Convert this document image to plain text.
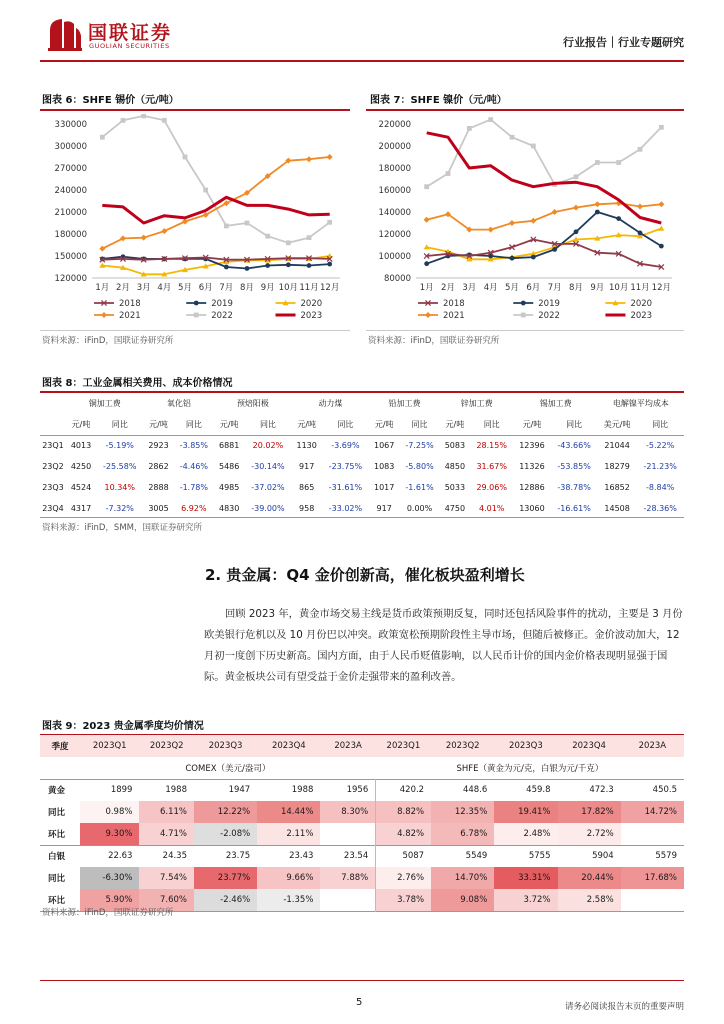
国联证券
GUOLIAN SECURITIES	行业报告｜行业专题研究
图表 6：SHFE 锡价（元/吨）
330000
300000
270000
240000
210000
180000
150000
120000
1月 2月 3月 4月 5月 6月 7月 8月 9月 10月 11月 12月
2018	2019	2020
2021	2022	2023
资料来源：iFinD，国联证券研究所
图表 7：SHFE 镍价（元/吨）
220000
200000
180000
160000
140000
120000
100000
80000
1月 2月 3月 4月 5月 6月 7月 8月 9月 10月 11月 12月
2018	2019	2020
2021	2022	2023
资料来源：iFinD，国联证券研究所
图表 8：工业金属相关费用、成本价格情况
	铜加工费		氧化铝		预焙阳极		动力煤		铅加工费		锌加工费		锡加工费		电解镍平均成本	
	元/吨	同比	元/吨	同比	元/吨	同比	元/吨	同比	元/吨	同比	元/吨	同比	元/吨	同比	美元/吨	同比
23Q1	4013	-5.19%	2923	-3.85%	6881	20.02%	1130	-3.69%	1067	-7.25%	5083	28.15%	12396	-43.66%	21044	-5.22%
23Q2	4250	-25.58%	2862	-4.46%	5486	-30.14%	917	-23.75%	1083	-5.80%	4850	31.67%	11326	-53.85%	18279	-21.23%
23Q3	4524	10.34%	2888	-1.78%	4985	-37.02%	865	-31.61%	1017	-1.61%	5033	29.06%	12886	-38.78%	16852	-8.84%
23Q4	4317	-7.32%	3005	6.92%	4830	-39.00%	958	-33.02%	917	0.00%	4750	4.01%	13060	-16.61%	14508	-28.36%
资料来源：iFinD，SMM，国联证券研究所
2. 贵金属：Q4 金价创新高，催化板块盈利增长
回顾 2023 年，黄金市场交易主线是货币政策预期反复，同时还包括风险事件的扰动，主要是 3 月份欧美银行危机以及 10 月份巴以冲突。政策宽松预期阶段性主导市场，但随后被修正。金价波动加大，12 月初一度创下历史新高。国内方面，由于人民币贬值影响，以人民币计价的国内金价格表现明显强于国际。黄金板块公司有望受益于金价走强带来的盈利改善。
图表 9：2023 贵金属季度均价情况
季度	2023Q1	2023Q2	2023Q3	2023Q4	2023A	2023Q1	2023Q2	2023Q3	2023Q4	2023A
	COMEX（美元/盎司）					SHFE（黄金为元/克，白银为元/千克）				
黄金	1899	1988	1947	1988	1956	420.2	448.6	459.8	472.3	450.5
同比	0.98%	6.11%	12.22%	14.44%	8.30%	8.82%	12.35%	19.41%	17.82%	14.72%
环比	9.30%	4.71%	-2.08%	2.11%		4.82%	6.78%	2.48%	2.72%	
白银	22.63	24.35	23.75	23.43	23.54	5087	5549	5755	5904	5579
同比	-6.30%	7.54%	23.77%	9.66%	7.88%	2.76%	14.70%	33.31%	20.44%	17.68%
环比	5.90%	7.60%	-2.46%	-1.35%		3.78%	9.08%	3.72%	2.58%	
资料来源：iFinD，国联证券研究所
5	请务必阅读报告末页的重要声明
